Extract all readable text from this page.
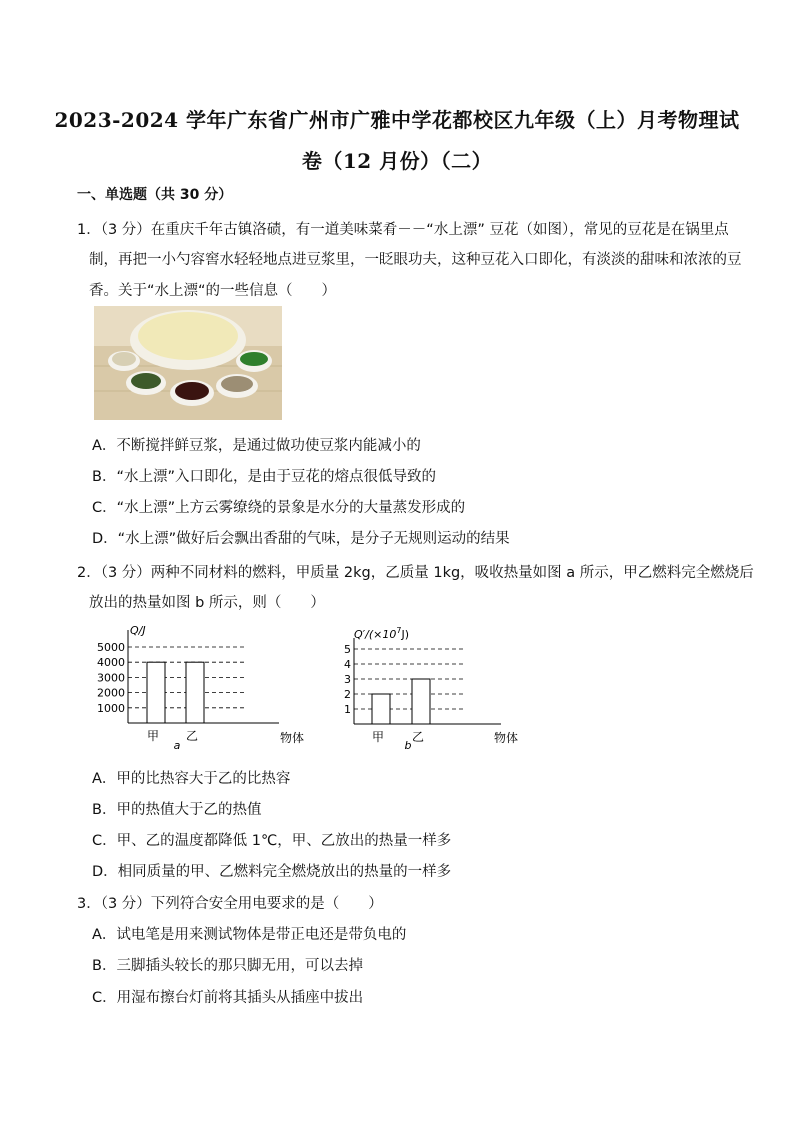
2023-2024 学年广东省广州市广雅中学花都校区九年级（上）月考物理试
卷（12 月份）（二）
一、单选题（共 30 分）
1．（3 分）在重庆千年古镇洛碛，有一道美味菜肴－－“水上漂” 豆花（如图），常见的豆花是在锅里点
制，再把一小勺容窖水轻轻地点进豆浆里，一眨眼功夫，这种豆花入口即化，有淡淡的甜味和浓浓的豆
香。关于“水上漂“的一些信息（　　）
A．不断搅拌鲜豆浆，是通过做功使豆浆内能减小的
B．“水上漂”入口即化，是由于豆花的熔点很低导致的
C．“水上漂”上方云雾缭绕的景象是水分的大量蒸发形成的
D．“水上漂”做好后会飘出香甜的气味，是分子无规则运动的结果
2．（3 分）两种不同材料的燃料，甲质量 2kg，乙质量 1kg，吸收热量如图 a 所示，甲乙燃料完全燃烧后
放出的热量如图 b 所示，则（　　）
1000
2000
3000
4000
5000
Q/J
甲 乙
a
物体
1
2
3
4
5
$Q'/(\times 10^7J)$
甲 乙
b
物体
A．甲的比热容大于乙的比热容
B．甲的热值大于乙的热值
C．甲、乙的温度都降低 1℃，甲、乙放出的热量一样多
D．相同质量的甲、乙燃料完全燃烧放出的热量的一样多
3．（3 分）下列符合安全用电要求的是（　　）
A．试电笔是用来测试物体是带正电还是带负电的
B．三脚插头较长的那只脚无用，可以去掉
C．用湿布擦台灯前将其插头从插座中拔出
